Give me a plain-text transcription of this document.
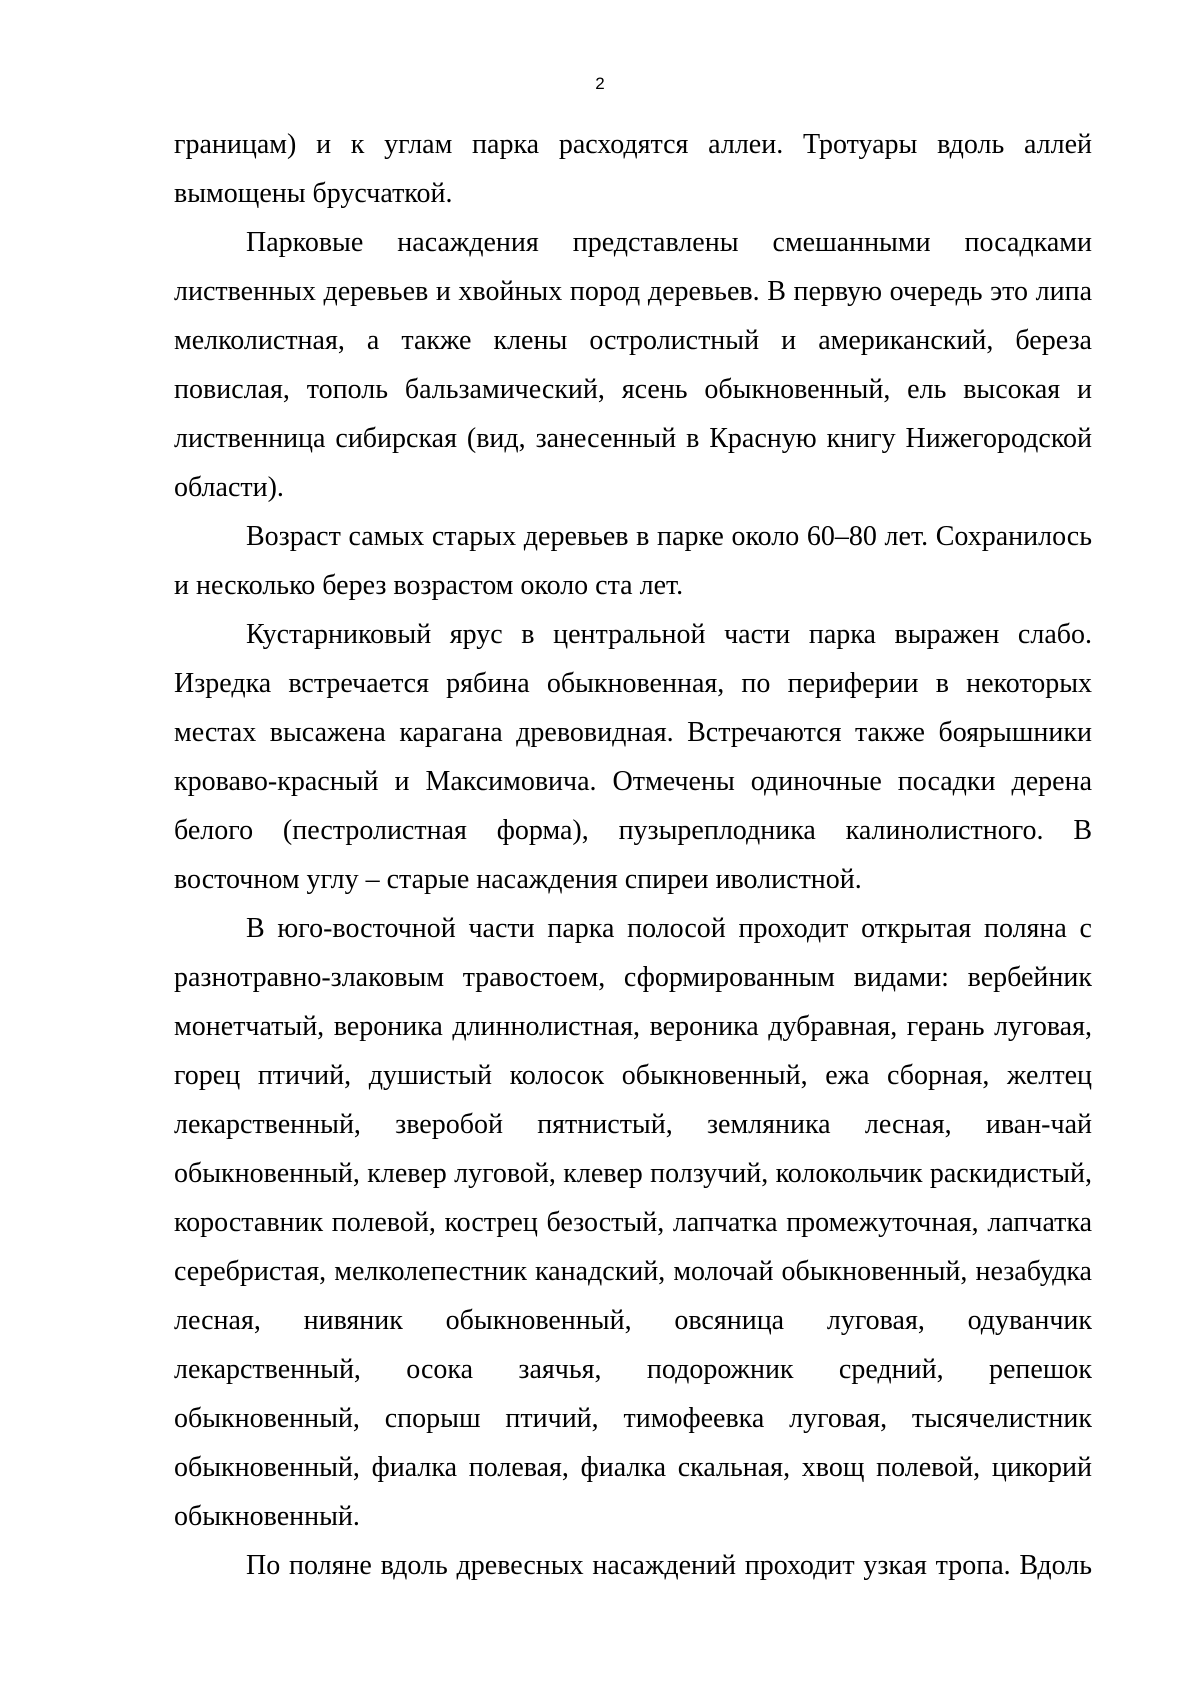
2

границам) и к углам парка расходятся аллеи. Тротуары вдоль аллей вымощены брусчаткой.

Парковые насаждения представлены смешанными посадками лиственных деревьев и хвойных пород деревьев. В первую очередь это липа мелколистная, а также клены остролистный и американский, береза повислая, тополь бальзамический, ясень обыкновенный, ель высокая и лиственница сибирская (вид, занесенный в Красную книгу Нижегородской области).

Возраст самых старых деревьев в парке около 60–80 лет. Сохранилось и несколько берез возрастом около ста лет.

Кустарниковый ярус в центральной части парка выражен слабо. Изредка встречается рябина обыкновенная, по периферии в некоторых местах высажена карагана древовидная. Встречаются также боярышники кроваво-красный и Максимовича. Отмечены одиночные посадки дерена белого (пестролистная форма), пузыреплодника калинолистного. В восточном углу – старые насаждения спиреи иволистной.

В юго-восточной части парка полосой проходит открытая поляна с разнотравно-злаковым травостоем, сформированным видами: вербейник монетчатый, вероника длиннолистная, вероника дубравная, герань луговая, горец птичий, душистый колосок обыкновенный, ежа сборная, желтец лекарственный, зверобой пятнистый, земляника лесная, иван-чай обыкновенный, клевер луговой, клевер ползучий, колокольчик раскидистый, короставник полевой, кострец безостый, лапчатка промежуточная, лапчатка серебристая, мелколепестник канадский, молочай обыкновенный, незабудка лесная, нивяник обыкновенный, овсяница луговая, одуванчик лекарственный, осока заячья, подорожник средний, репешок обыкновенный, спорыш птичий, тимофеевка луговая, тысячелистник обыкновенный, фиалка полевая, фиалка скальная, хвощ полевой, цикорий обыкновенный.

По поляне вдоль древесных насаждений проходит узкая тропа. Вдоль
